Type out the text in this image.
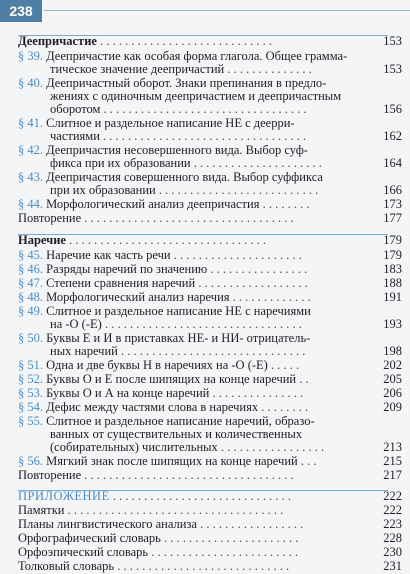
238
Деепричастие . . . . . . . . . . . . . . . . . . . . . . . . . . . .	153
§ 39. Деепричастие как особая форма глагола. Общее грамма-
тическое значение деепричастий . . . . . . . . . . . . . .	153
§ 40. Деепричастный оборот. Знаки препинания в предло-
жениях с одиночным деепричастием и деепричастным
оборотом . . . . . . . . . . . . . . . . . . . . . . . . . . . . . . . . .	156
§ 41. Слитное и раздельное написание НЕ с дееpри-
частиями . . . . . . . . . . . . . . . . . . . . . . . . . . . . . . . . .	162
§ 42. Деепричастия несовершенного вида. Выбор суф-
фикса при их образовании . . . . . . . . . . . . . . . . . . . . .	164
§ 43. Деепричастия совершенного вида. Выбор суффикса
при их образовании . . . . . . . . . . . . . . . . . . . . . . . . . .	166
§ 44. Морфологический анализ деепричастия . . . . . . . .	173
Повторение . . . . . . . . . . . . . . . . . . . . . . . . . . . . . . . . . .	177
Наречие . . . . . . . . . . . . . . . . . . . . . . . . . . . . . . . .	179
§ 45. Наречие как часть речи . . . . . . . . . . . . . . . . . . . . .	179
§ 46. Разряды наречий по значению . . . . . . . . . . . . . . . .	183
§ 47. Степени сравнения наречий . . . . . . . . . . . . . . . . . .	188
§ 48. Морфологический анализ наречия . . . . . . . . . . . . .	191
§ 49. Слитное и раздельное написание НЕ с наречиями
на -О (-Е) . . . . . . . . . . . . . . . . . . . . . . . . . . . . . . . .	193
§ 50. Буквы Е и И в приставках НЕ- и НИ- отрицатель-
ных наречий . . . . . . . . . . . . . . . . . . . . . . . . . . . . . .	198
§ 51. Одна и две буквы Н в наречиях на -О (-Е) . . . . .	202
§ 52. Буквы О и Е после шипящих на конце наречий . .	205
§ 53. Буквы О и А на конце наречий . . . . . . . . . . . . . . .	206
§ 54. Дефис между частями слова в наречиях . . . . . . . .	209
§ 55. Слитное и раздельное написание наречий, образо-
ванных от существительных и количественных
(собирательных) числительных . . . . . . . . . . . . . . . . .	213
§ 56. Мягкий знак после шипящих на конце наречий . . .	215
Повторение . . . . . . . . . . . . . . . . . . . . . . . . . . . . . . . . . .	217
ПРИЛОЖЕНИЕ . . . . . . . . . . . . . . . . . . . . . . . . . . . . .	222
Памятки . . . . . . . . . . . . . . . . . . . . . . . . . . . . . . . . . . .	222
Планы лингвистического анализа . . . . . . . . . . . . . . . . .	223
Орфографический словарь . . . . . . . . . . . . . . . . . . . . . .	228
Орфоэпический словарь . . . . . . . . . . . . . . . . . . . . . . . .	230
Толковый словарь . . . . . . . . . . . . . . . . . . . . . . . . . . . .	231
